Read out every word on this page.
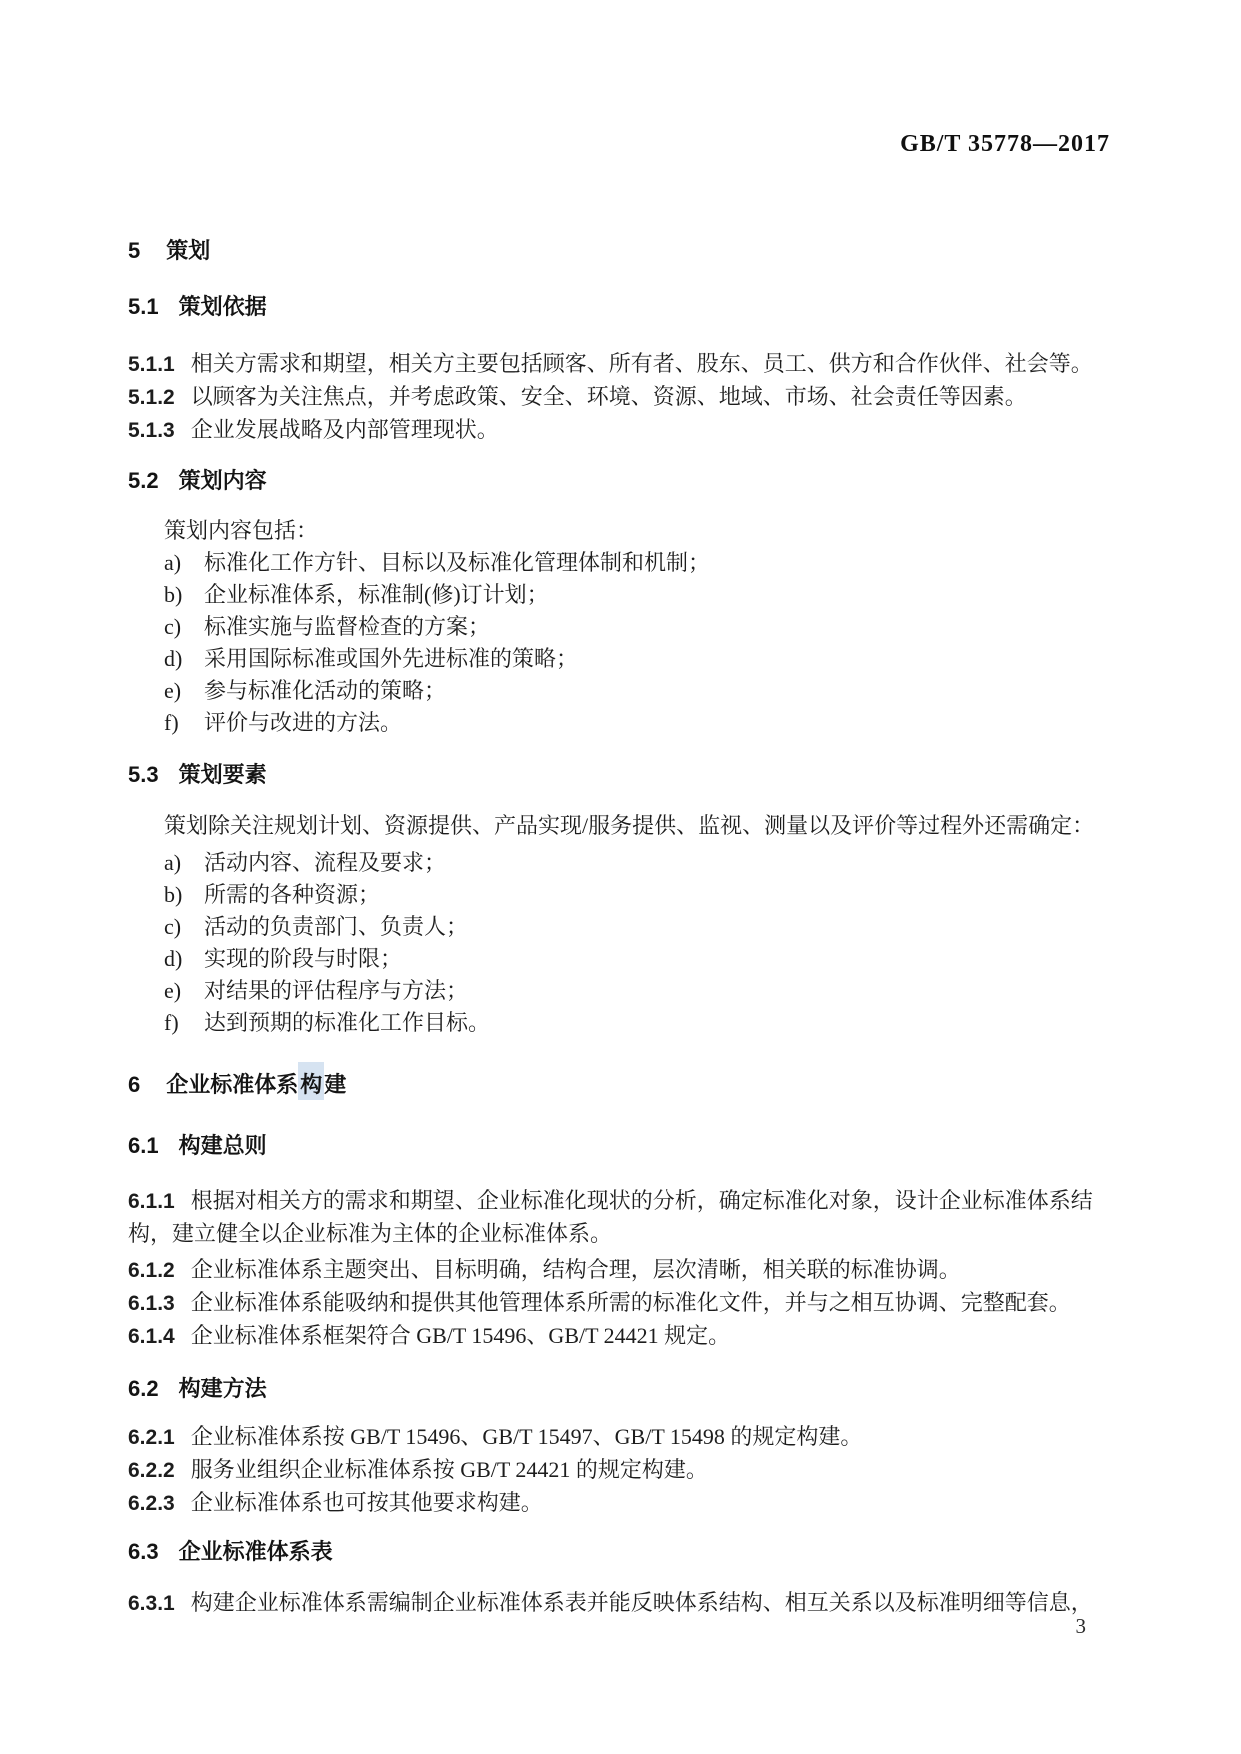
GB/T 35778—2017
5 策划
5.1 策划依据

5.1.1 相关方需求和期望，相关方主要包括顾客、所有者、股东、员工、供方和合作伙伴、社会等。

5.1.2 以顾客为关注焦点，并考虑政策、安全、环境、资源、地域、市场、社会责任等因素。

5.1.3 企业发展战略及内部管理现状。

5.2 策划内容

策划内容包括：

a) 标准化工作方针、目标以及标准化管理体制和机制；

b) 企业标准体系，标准制(修)订计划；

c) 标准实施与监督检查的方案；

d) 采用国际标准或国外先进标准的策略；

e) 参与标准化活动的策略；

f) 评价与改进的方法。

5.3 策划要素

策划除关注规划计划、资源提供、产品实现/服务提供、监视、测量以及评价等过程外还需确定：

a) 活动内容、流程及要求；

b) 所需的各种资源；

c) 活动的负责部门、负责人；

d) 实现的阶段与时限；

e) 对结果的评估程序与方法；

f) 达到预期的标准化工作目标。

6 企业标准体系构建
6.1 构建总则

6.1.1 根据对相关方的需求和期望、企业标准化现状的分析，确定标准化对象，设计企业标准体系结构，建立健全以企业标准为主体的企业标准体系。

6.1.2 企业标准体系主题突出、目标明确，结构合理，层次清晰，相关联的标准协调。

6.1.3 企业标准体系能吸纳和提供其他管理体系所需的标准化文件，并与之相互协调、完整配套。

6.1.4 企业标准体系框架符合 GB/T 15496、GB/T 24421 规定。

6.2 构建方法

6.2.1 企业标准体系按 GB/T 15496、GB/T 15497、GB/T 15498 的规定构建。

6.2.2 服务业组织企业标准体系按 GB/T 24421 的规定构建。

6.2.3 企业标准体系也可按其他要求构建。

6.3 企业标准体系表

6.3.1 构建企业标准体系需编制企业标准体系表并能反映体系结构、相互关系以及标准明细等信息，

3
